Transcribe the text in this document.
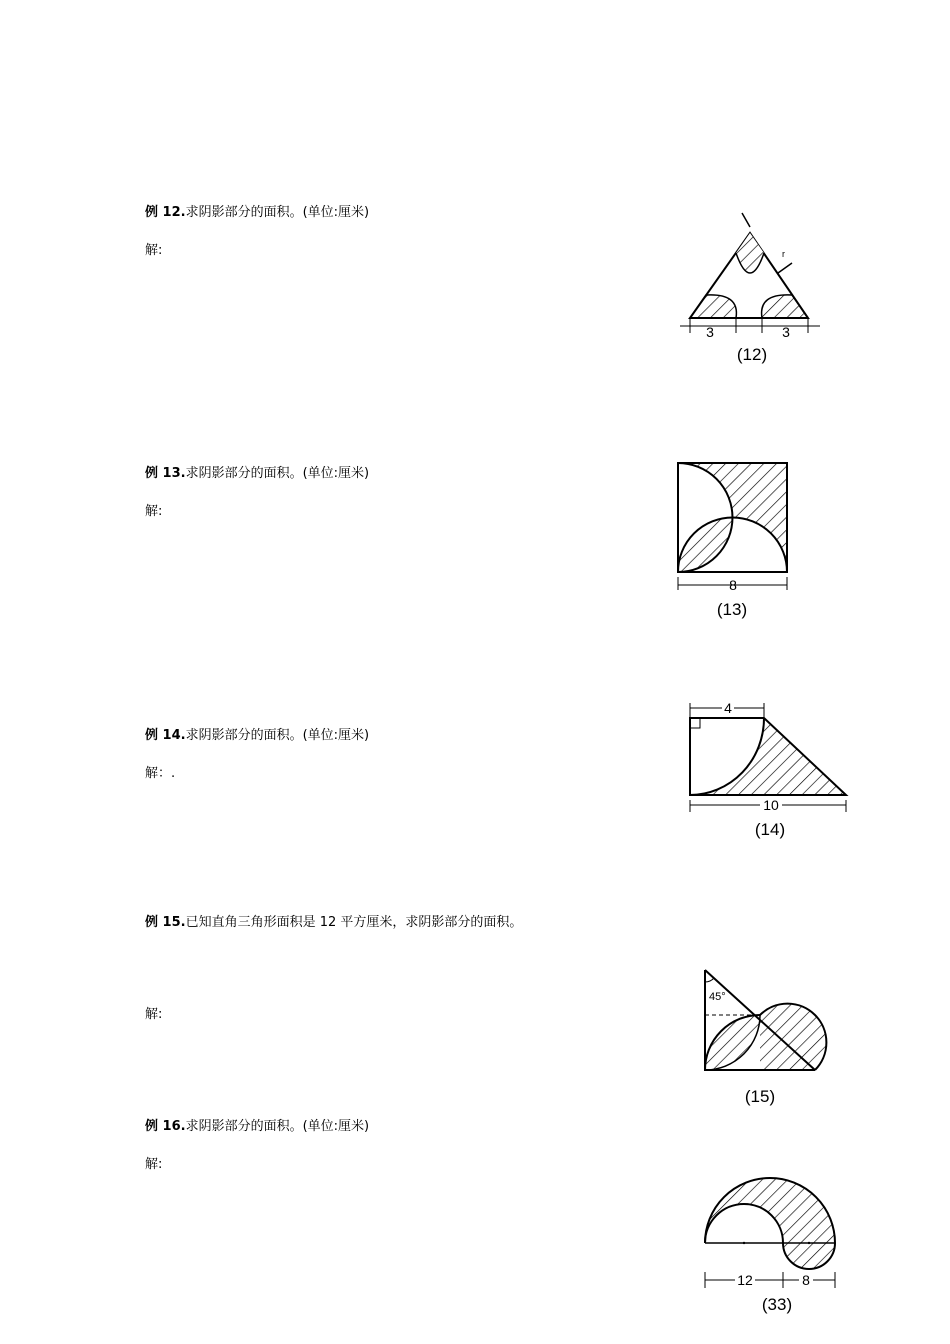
例 12.求阴影部分的面积。(单位:厘米)
解:
3	3
r
(12)
例 13.求阴影部分的面积。(单位:厘米)
解:
8
(13)
例 14.求阴影部分的面积。(单位:厘米)
解：.
4
10
(14)
例 15.已知直角三角形面积是 12 平方厘米，求阴影部分的面积。
解:
45°
(15)
例 16.求阴影部分的面积。(单位:厘米)
解:
12	8
(33)
